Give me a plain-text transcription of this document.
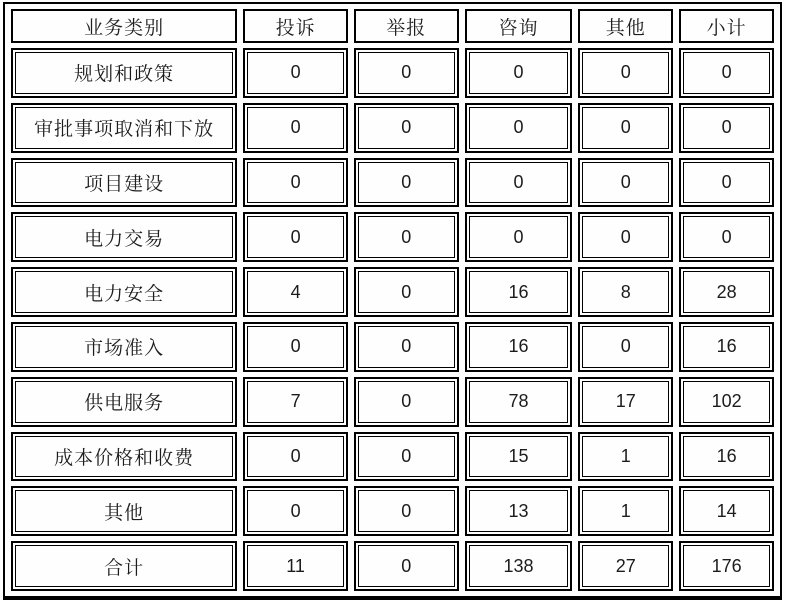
业务类别	投诉	举报	咨询	其他	小计

规划和政策	0	0	0	0	0

审批事项取消和下放	0	0	0	0	0

项目建设	0	0	0	0	0

电力交易	0	0	0	0	0

电力安全	4	0	16	8	28

市场准入	0	0	16	0	16

供电服务	7	0	78	17	102

成本价格和收费	0	0	15	1	16

其他	0	0	13	1	14

合计	11	0	138	27	176
